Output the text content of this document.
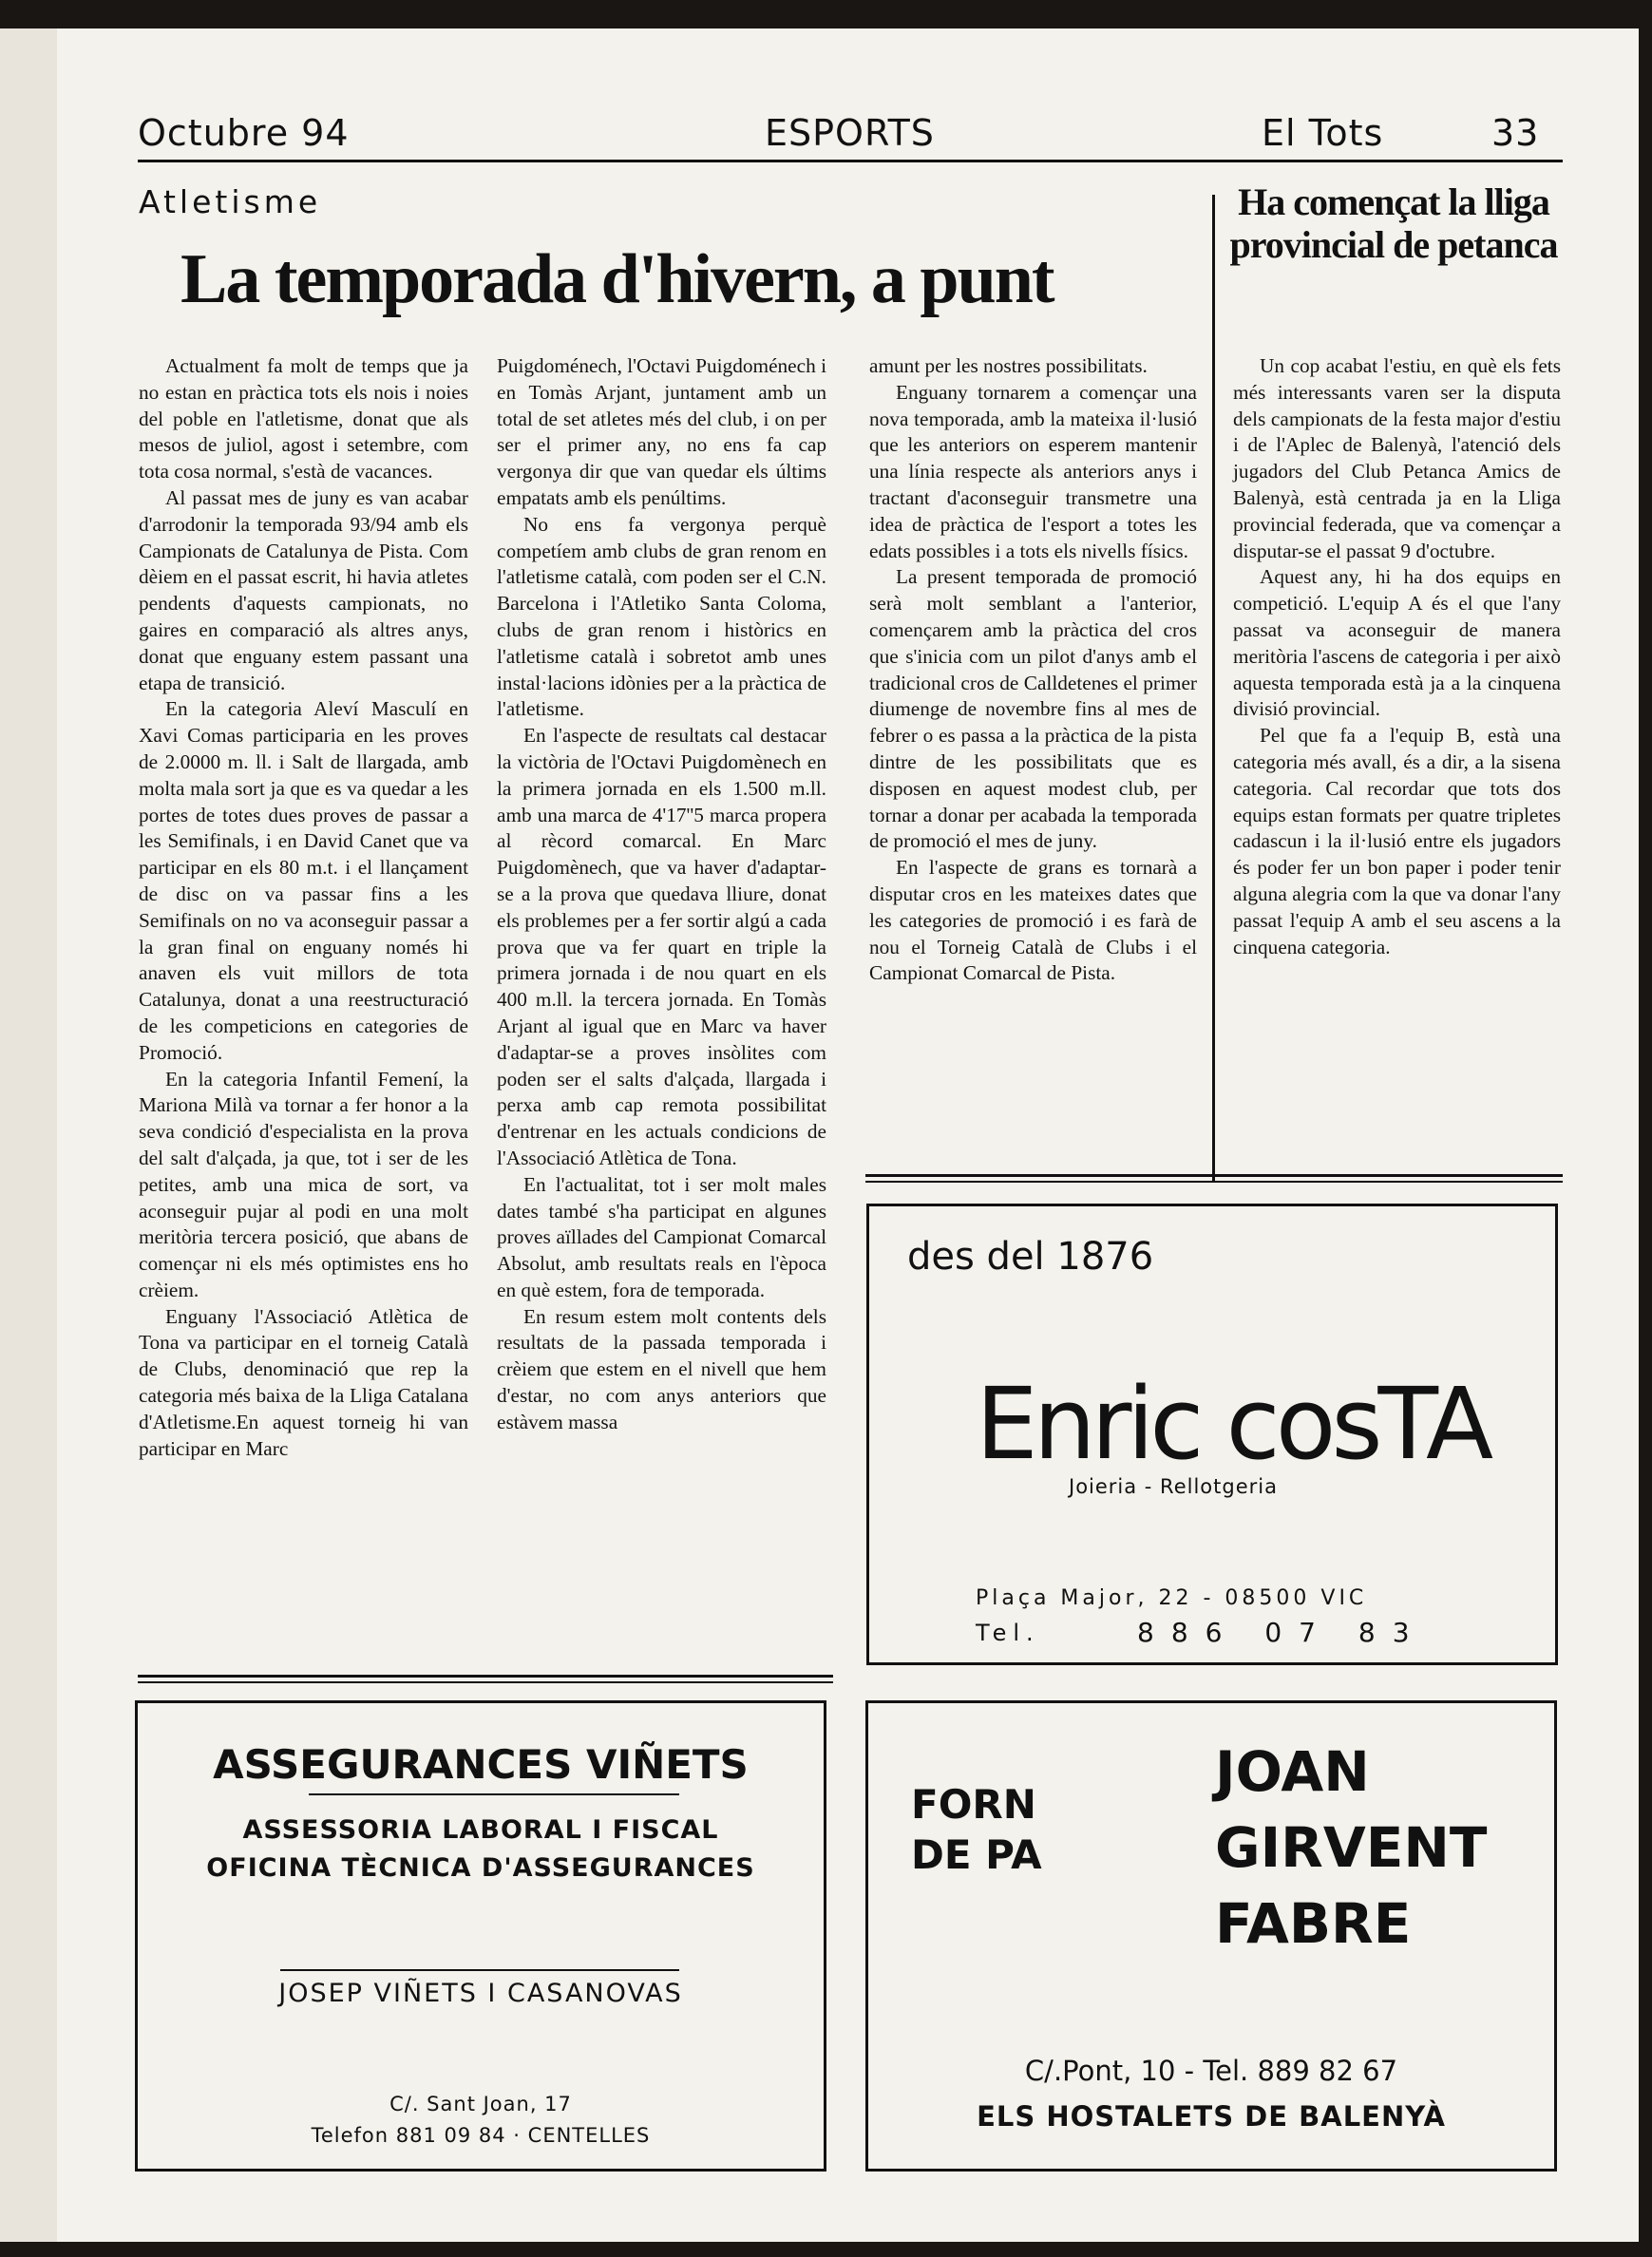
Octubre 94	ESPORTS	El Tots	33
Atletisme
La temporada d'hivern, a punt

Actualment fa molt de temps que ja no estan en pràctica tots els nois i noies del poble en l'atletisme, donat que als mesos de juliol, agost i setembre, com tota cosa normal, s'està de vacances.

Al passat mes de juny es van acabar d'arrodonir la temporada 93/94 amb els Campionats de Catalunya de Pista. Com dèiem en el passat escrit, hi havia atletes pendents d'aquests campionats, no gaires en comparació als altres anys, donat que enguany estem passant una etapa de transició.

En la categoria Aleví Masculí en Xavi Comas participaria en les proves de 2.0000 m. ll. i Salt de llargada, amb molta mala sort ja que es va quedar a les portes de totes dues proves de passar a les Semifinals, i en David Canet que va participar en els 80 m.t. i el llançament de disc on va passar fins a les Semifinals on no va aconseguir passar a la gran final on enguany només hi anaven els vuit millors de tota Catalunya, donat a una reestructuració de les competicions en categories de Promoció.

En la categoria Infantil Femení, la Mariona Milà va tornar a fer honor a la seva condició d'especialista en la prova del salt d'alçada, ja que, tot i ser de les petites, amb una mica de sort, va aconseguir pujar al podi en una molt meritòria tercera posició, que abans de començar ni els més optimistes ens ho crèiem.

Enguany l'Associació Atlètica de Tona va participar en el torneig Català de Clubs, denominació que rep la categoria més baixa de la Lliga Catalana d'Atletisme.En aquest torneig hi van participar en Marc

Puigdoménech, l'Octavi Puigdoménech i en Tomàs Arjant, juntament amb un total de set atletes més del club, i on per ser el primer any, no ens fa cap vergonya dir que van quedar els últims empatats amb els penúltims.

No ens fa vergonya perquè competíem amb clubs de gran renom en l'atletisme català, com poden ser el C.N. Barcelona i l'Atletiko Santa Coloma, clubs de gran renom i històrics en l'atletisme català i sobretot amb unes instal·lacions idònies per a la pràctica de l'atletisme.

En l'aspecte de resultats cal destacar la victòria de l'Octavi Puigdomènech en la primera jornada en els 1.500 m.ll. amb una marca de 4'17''5 marca propera al rècord comarcal. En Marc Puigdomènech, que va haver d'adaptar-se a la prova que quedava lliure, donat els problemes per a fer sortir algú a cada prova que va fer quart en triple la primera jornada i de nou quart en els 400 m.ll. la tercera jornada. En Tomàs Arjant al igual que en Marc va haver d'adaptar-se a proves insòlites com poden ser el salts d'alçada, llargada i perxa amb cap remota possibilitat d'entrenar en les actuals condicions de l'Associació Atlètica de Tona.

En l'actualitat, tot i ser molt males dates també s'ha participat en algunes proves aïllades del Campionat Comarcal Absolut, amb resultats reals en l'època en què estem, fora de temporada.

En resum estem molt contents dels resultats de la passada temporada i crèiem que estem en el nivell que hem d'estar, no com anys anteriors que estàvem massa

amunt per les nostres possibilitats.

Enguany tornarem a començar una nova temporada, amb la mateixa il·lusió que les anteriors on esperem mantenir una línia respecte als anteriors anys i tractant d'aconseguir transmetre una idea de pràctica de l'esport a totes les edats possibles i a tots els nivells físics.

La present temporada de promoció serà molt semblant a l'anterior, començarem amb la pràctica del cros que s'inicia com un pilot d'anys amb el tradicional cros de Calldetenes el primer diumenge de novembre fins al mes de febrer o es passa a la pràctica de la pista dintre de les possibilitats que es disposen en aquest modest club, per tornar a donar per acabada la temporada de promoció el mes de juny.

En l'aspecte de grans es tornarà a disputar cros en les mateixes dates que les categories de promoció i es farà de nou el Torneig Català de Clubs i el Campionat Comarcal de Pista.

Ha començat la lliga provincial de petanca

Un cop acabat l'estiu, en què els fets més interessants varen ser la disputa dels campionats de la festa major d'estiu i de l'Aplec de Balenyà, l'atenció dels jugadors del Club Petanca Amics de Balenyà, està centrada ja en la Lliga provincial federada, que va començar a disputar-se el passat 9 d'octubre.

Aquest any, hi ha dos equips en competició. L'equip A és el que l'any passat va aconseguir de manera meritòria l'ascens de categoria i per això aquesta temporada està ja a la cinquena divisió provincial.

Pel que fa a l'equip B, està una categoria més avall, és a dir, a la sisena categoria. Cal recordar que tots dos equips estan formats per quatre tripletes cadascun i la il·lusió entre els jugadors és poder fer un bon paper i poder tenir alguna alegria com la que va donar l'any passat l'equip A amb el seu ascens a la cinquena categoria.

des del 1876
Enric cosTA
Joieria - Rellotgeria
Plaça Major, 22 - 08500 VIC
Tel.	886 07 83
ASSEGURANCES VIÑETS
ASSESSORIA LABORAL I FISCAL
OFICINA TÈCNICA D'ASSEGURANCES
JOSEP VIÑETS I CASANOVAS
C/. Sant Joan, 17
Telefon 881 09 84 · CENTELLES
FORN
DE PA
JOAN
GIRVENT
FABRE
C/.Pont, 10 - Tel. 889 82 67
ELS HOSTALETS DE BALENYÀ
